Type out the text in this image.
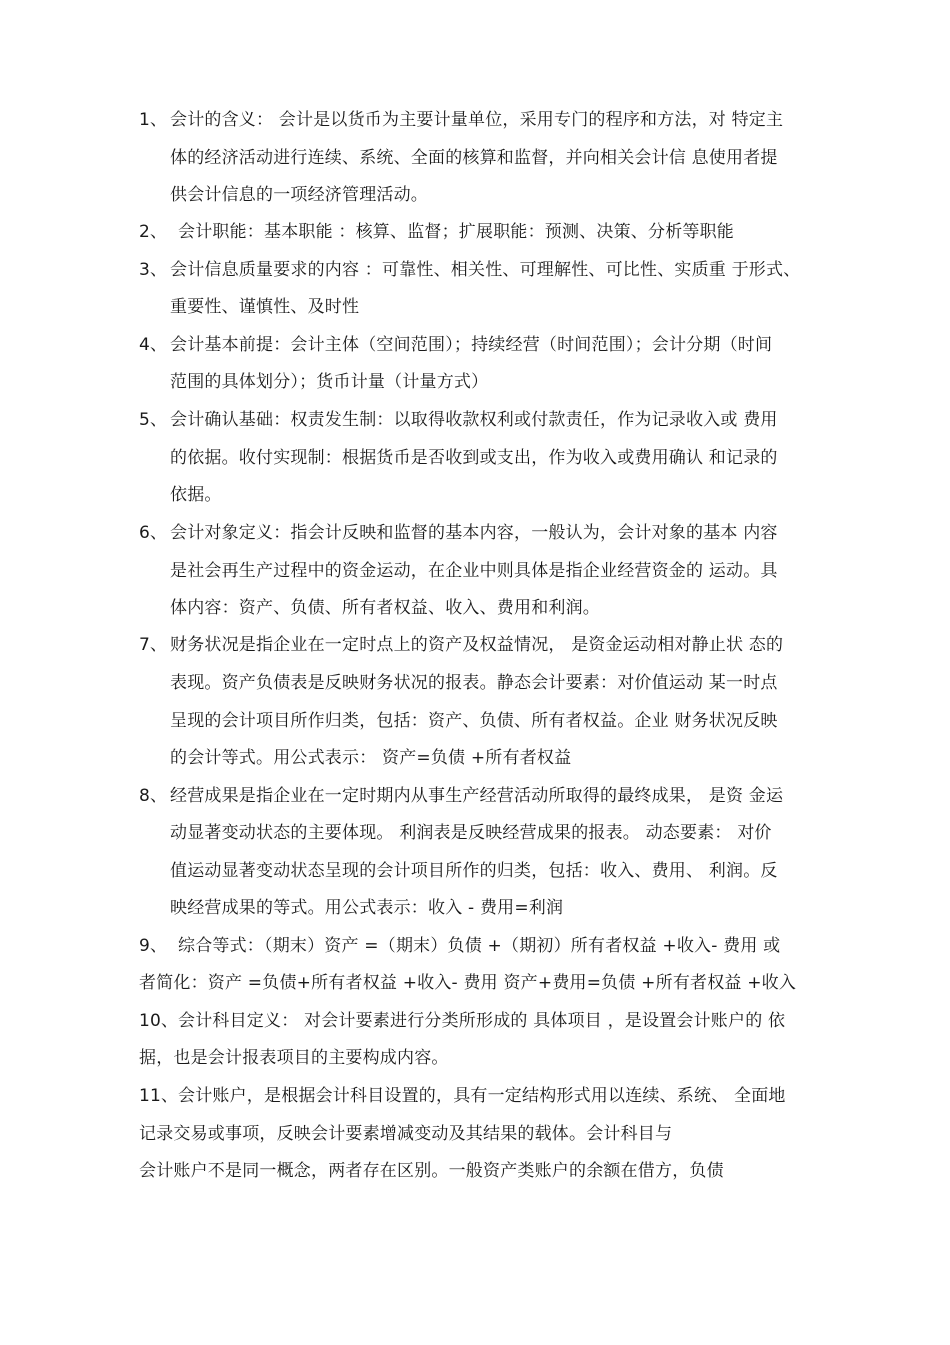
1、 会计的含义： 会计是以货币为主要计量单位，采用专门的程序和方法，对 特定主
体的经济活动进行连续、系统、全面的核算和监督，并向相关会计信 息使用者提
供会计信息的一项经济管理活动。
2、 会计职能：基本职能 ：核算、监督；扩展职能：预测、决策、分析等职能
3、 会计信息质量要求的内容 ：可靠性、相关性、可理解性、可比性、实质重 于形式、
重要性、谨慎性、及时性
4、 会计基本前提：会计主体（空间范围）；持续经营（时间范围）；会计分期（时间
范围的具体划分）；货币计量（计量方式）
5、 会计确认基础：权责发生制：以取得收款权利或付款责任，作为记录收入或 费用
的依据。收付实现制：根据货币是否收到或支出，作为收入或费用确认 和记录的
依据。
6、 会计对象定义：指会计反映和监督的基本内容，一般认为，会计对象的基本 内容
是社会再生产过程中的资金运动，在企业中则具体是指企业经营资金的 运动。具
体内容：资产、负债、所有者权益、收入、费用和利润。
7、 财务状况是指企业在一定时点上的资产及权益情况， 是资金运动相对静止状 态的
表现。资产负债表是反映财务状况的报表。静态会计要素：对价值运动 某一时点
呈现的会计项目所作归类，包括：资产、负债、所有者权益。企业 财务状况反映
的会计等式。用公式表示： 资产=负债 +所有者权益
8、 经营成果是指企业在一定时期内从事生产经营活动所取得的最终成果， 是资 金运
动显著变动状态的主要体现。 利润表是反映经营成果的报表。 动态要素： 对价
值运动显著变动状态呈现的会计项目所作的归类，包括：收入、费用、 利润。反
映经营成果的等式。用公式表示：收入 - 费用=利润
9、 综合等式：（期末）资产 =（期末）负债 +（期初）所有者权益 +收入- 费用 或
者简化：资产 =负债+所有者权益 +收入- 费用 资产+费用=负债 +所有者权益 +收入
10、 会计科目定义： 对会计要素进行分类所形成的 具体项目 ，是设置会计账户的 依
据，也是会计报表项目的主要构成内容。
11、 会计账户，是根据会计科目设置的，具有一定结构形式用以连续、系统、 全面地
记录交易或事项，反映会计要素增减变动及其结果的载体。会计科目与
会计账户不是同一概念，两者存在区别。一般资产类账户的余额在借方，负债
